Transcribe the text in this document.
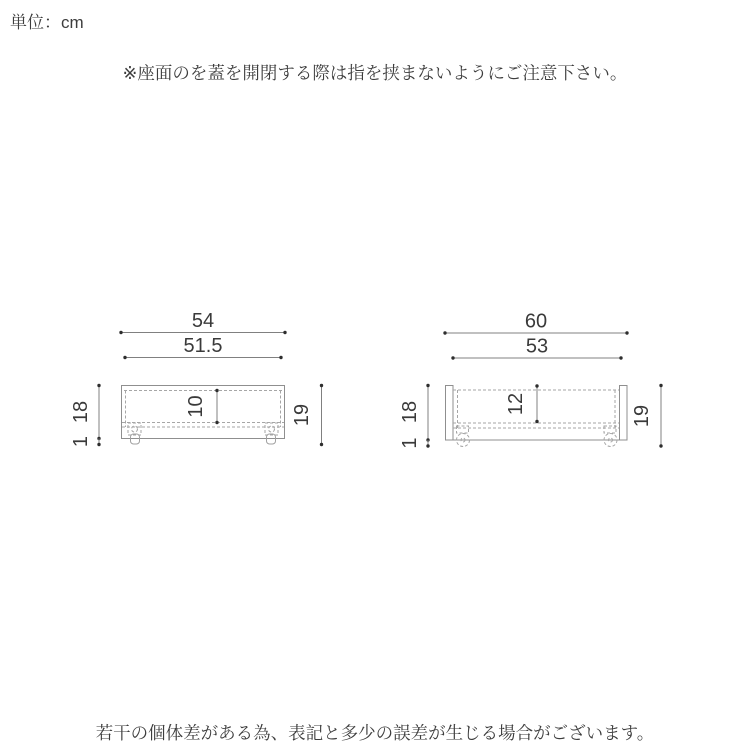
単位：cm
※座面のを蓋を開閉する際は指を挟まないようにご注意下さい。
54
51.5
10
18
1
19
60
53
12
18
1
19
若干の個体差がある為、表記と多少の誤差が生じる場合がございます。
